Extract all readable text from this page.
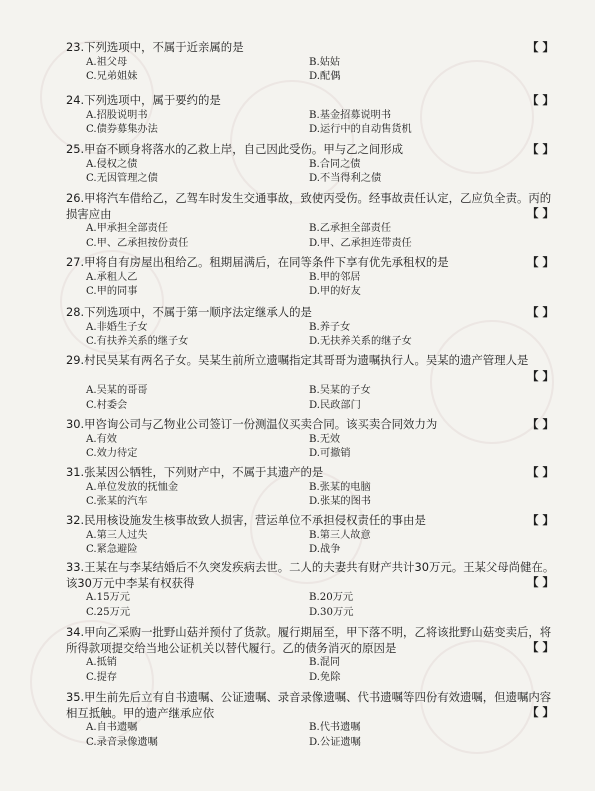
23.下列选项中，不属于近亲属的是	【 】
A.祖父母	B.姑姑
C.兄弟姐妹	D.配偶
24.下列选项中，属于要约的是	【 】
A.招股说明书	B.基金招募说明书
C.债券募集办法	D.运行中的自动售货机
25.甲奋不顾身将落水的乙救上岸，自己因此受伤。甲与乙之间形成	【 】
A.侵权之债	B.合同之债
C.无因管理之债	D.不当得利之债
26.甲将汽车借给乙，乙驾车时发生交通事故，致使丙受伤。经事故责任认定，乙应负全责。丙的损害应由	【 】
A.甲承担全部责任	B.乙承担全部责任
C.甲、乙承担按份责任	D.甲、乙承担连带责任
27.甲将自有房屋出租给乙。租期届满后，在同等条件下享有优先承租权的是	【 】
A.承租人乙	B.甲的邻居
C.甲的同事	D.甲的好友
28.下列选项中，不属于第一顺序法定继承人的是	【 】
A.非婚生子女	B.养子女
C.有扶养关系的继子女	D.无扶养关系的继子女
29.村民吴某有两名子女。吴某生前所立遗嘱指定其哥哥为遗嘱执行人。吴某的遗产管理人是
【 】

A.吴某的哥哥	B.吴某的子女
C.村委会	D.民政部门
30.甲咨询公司与乙物业公司签订一份测温仪买卖合同。该买卖合同效力为	【 】
A.有效	B.无效
C.效力待定	D.可撤销
31.张某因公牺牲，下列财产中，不属于其遗产的是	【 】
A.单位发放的抚恤金	B.张某的电脑
C.张某的汽车	D.张某的图书
32.民用核设施发生核事故致人损害，营运单位不承担侵权责任的事由是	【 】
A.第三人过失	B.第三人故意
C.紧急避险	D.战争
33.王某在与李某结婚后不久突发疾病去世。二人的夫妻共有财产共计30万元。王某父母尚健在。该30万元中李某有权获得	【 】
A.15万元	B.20万元
C.25万元	D.30万元
34.甲向乙采购一批野山菇并预付了货款。履行期届至，甲下落不明，乙将该批野山菇变卖后，将所得款项提交给当地公证机关以替代履行。乙的债务消灭的原因是	【 】
A.抵销	B.混同
C.提存	D.免除
35.甲生前先后立有自书遗嘱、公证遗嘱、录音录像遗嘱、代书遗嘱等四份有效遗嘱，但遗嘱内容相互抵触。甲的遗产继承应依	【 】
A.自书遗嘱	B.代书遗嘱
C.录音录像遗嘱	D.公证遗嘱
